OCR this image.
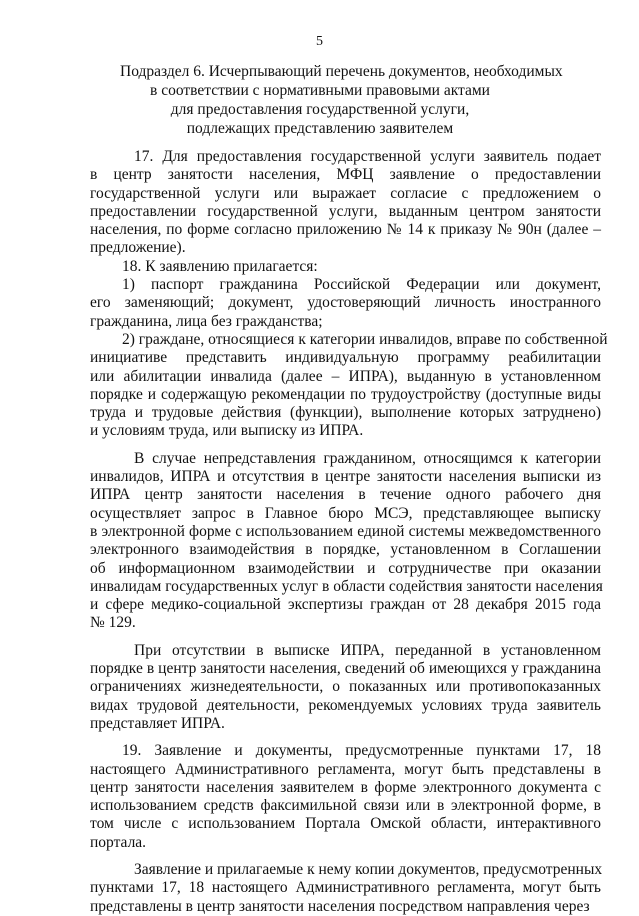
5
Подраздел 6. Исчерпывающий перечень документов, необходимых
в соответствии с нормативными правовыми актами
для предоставления государственной услуги,
подлежащих представлению заявителем
17. Для предоставления государственной услуги заявитель подает
в центр занятости населения, МФЦ заявление о предоставлении
государственной услуги или выражает согласие с предложением о
предоставлении государственной услуги, выданным центром занятости
населения, по форме согласно приложению № 14 к приказу № 90н (далее –
предложение).
18. К заявлению прилагается:
1) паспорт гражданина Российской Федерации или документ,
его заменяющий; документ, удостоверяющий личность иностранного
гражданина, лица без гражданства;
2) граждане, относящиеся к категории инвалидов, вправе по собственной
инициативе представить индивидуальную программу реабилитации
или абилитации инвалида (далее – ИПРА), выданную в установленном
порядке и содержащую рекомендации по трудоустройству (доступные виды
труда и трудовые действия (функции), выполнение которых затруднено)
и условиям труда, или выписку из ИПРА.
В случае непредставления гражданином, относящимся к категории
инвалидов, ИПРА и отсутствия в центре занятости населения выписки из
ИПРА центр занятости населения в течение одного рабочего дня
осуществляет запрос в Главное бюро МСЭ, представляющее выписку
в электронной форме с использованием единой системы межведомственного
электронного взаимодействия в порядке, установленном в Соглашении
об информационном взаимодействии и сотрудничестве при оказании
инвалидам государственных услуг в области содействия занятости населения
и сфере медико-социальной экспертизы граждан от 28 декабря 2015 года
№ 129.
При отсутствии в выписке ИПРА, переданной в установленном
порядке в центр занятости населения, сведений об имеющихся у гражданина
ограничениях жизнедеятельности, о показанных или противопоказанных
видах трудовой деятельности, рекомендуемых условиях труда заявитель
представляет ИПРА.
19. Заявление и документы, предусмотренные пунктами 17, 18
настоящего Административного регламента, могут быть представлены в
центр занятости населения заявителем в форме электронного документа с
использованием средств факсимильной связи или в электронной форме, в
том числе с использованием Портала Омской области, интерактивного
портала.
Заявление и прилагаемые к нему копии документов, предусмотренных
пунктами 17, 18 настоящего Административного регламента, могут быть
представлены в центр занятости населения посредством направления через
